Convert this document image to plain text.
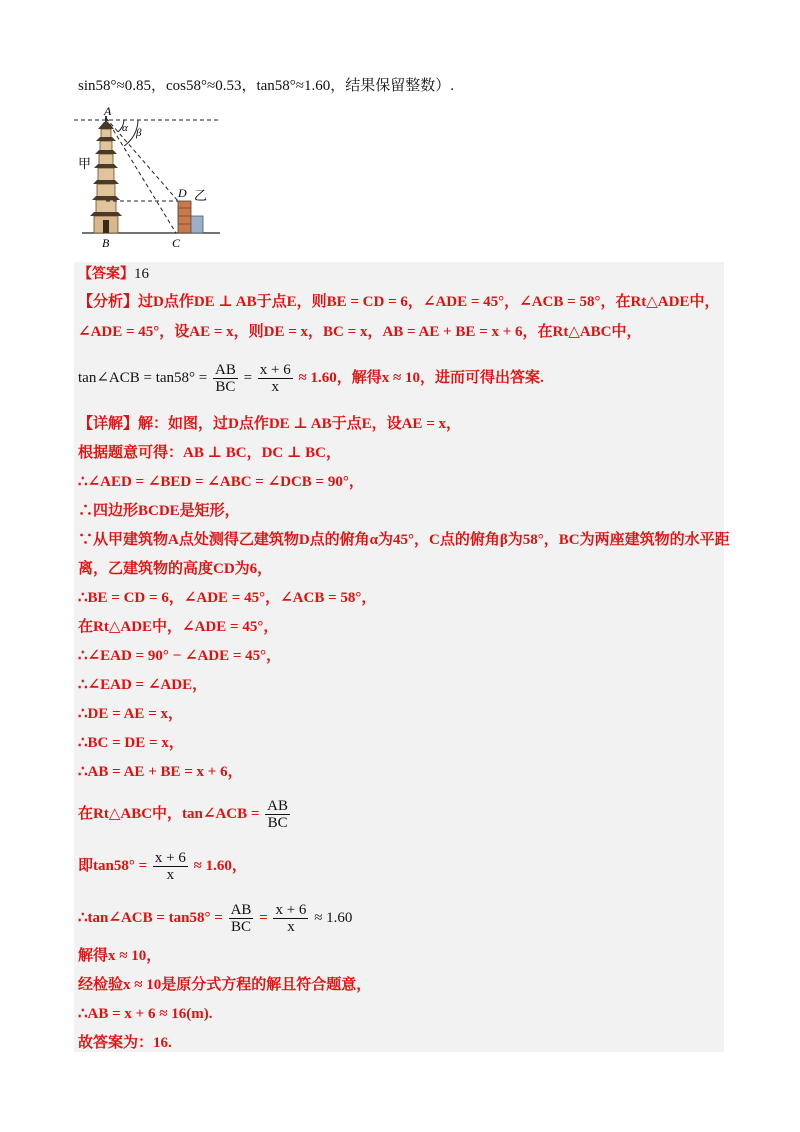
sin58°≈0.85，cos58°≈0.53，tan58°≈1.60，结果保留整数）.
A
α β
甲
D 乙
B	C
【答案】16
【分析】过D点作DE ⊥ AB于点E，则BE = CD = 6，∠ADE = 45°，∠ACB = 58°，在Rt△ADE中，
∠ADE = 45°，设AE = x，则DE = x，BC = x，AB = AE + BE = x + 6，在Rt△ABC中，
tan∠ACB = $\tan 58^\circ = \frac{AB}{BC} = \frac{x + 6}{x} \approx 1.60$，解得x ≈ 10，进而可得出答案.
【详解】解：如图，过D点作DE ⊥ AB于点E，设AE = x，
根据题意可得：AB ⊥ BC，DC ⊥ BC，
∴∠AED = ∠BED = ∠ABC = ∠DCB = 90°，
∴四边形BCDE是矩形，
∵从甲建筑物A点处测得乙建筑物D点的俯角α为45°，C点的俯角β为58°，BC为两座建筑物的水平距
离，乙建筑物的高度CD为6，
∴BE = CD = 6，∠ADE = 45°，∠ACB = 58°，
在Rt△ADE中，∠ADE = 45°，
∴∠EAD = 90° − ∠ADE = 45°，
∴∠EAD = ∠ADE，
∴DE = AE = x，
∴BC = DE = x，
∴AB = AE + BE = x + 6，
在Rt△ABC中，tan∠ACB = $\frac{AB}{BC}$
即$\tan 58^\circ = \frac{x + 6}{x} \approx 1.60$，
∴tan∠ACB = $\tan 58^\circ = \frac{AB}{BC} = \frac{x + 6}{x} \approx 1.60$
解得x ≈ 10，
经检验x ≈ 10是原分式方程的解且符合题意，
∴AB = x + 6 ≈ 16(m).
故答案为：16.
